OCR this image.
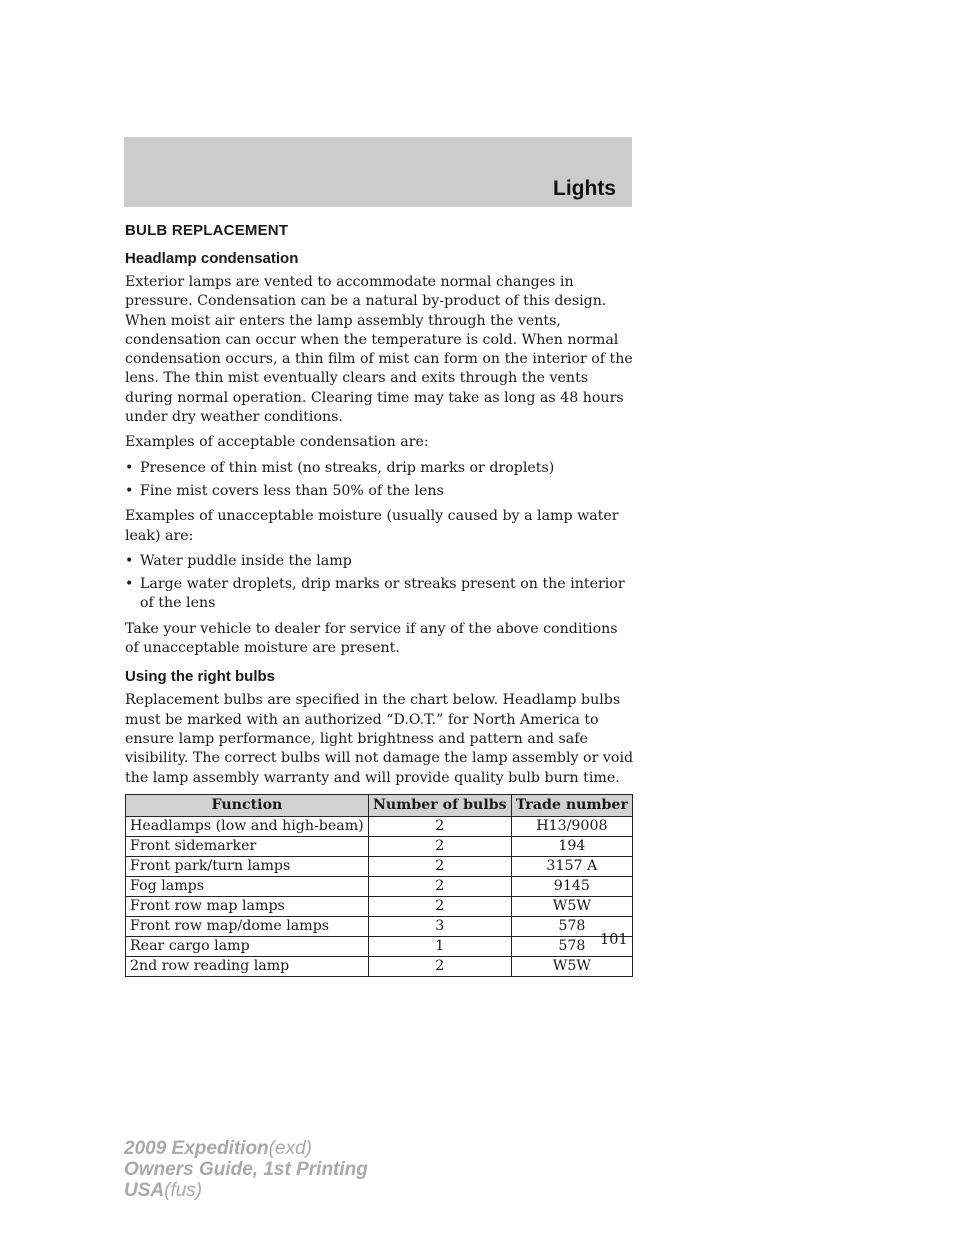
Lights
BULB REPLACEMENT
Headlamp condensation

Exterior lamps are vented to accommodate normal changes in pressure. Condensation can be a natural by-product of this design. When moist air enters the lamp assembly through the vents, condensation can occur when the temperature is cold. When normal condensation occurs, a thin film of mist can form on the interior of the lens. The thin mist eventually clears and exits through the vents during normal operation. Clearing time may take as long as 48 hours under dry weather conditions.

Examples of acceptable condensation are:

• Presence of thin mist (no streaks, drip marks or droplets)
• Fine mist covers less than 50% of the lens

Examples of unacceptable moisture (usually caused by a lamp water leak) are:

• Water puddle inside the lamp
• Large water droplets, drip marks or streaks present on the interior of the lens

Take your vehicle to dealer for service if any of the above conditions of unacceptable moisture are present.

Using the right bulbs

Replacement bulbs are specified in the chart below. Headlamp bulbs must be marked with an authorized “D.O.T.” for North America to ensure lamp performance, light brightness and pattern and safe visibility. The correct bulbs will not damage the lamp assembly or void the lamp assembly warranty and will provide quality bulb burn time.

Function	Number of bulbs	Trade number
Headlamps (low and high-beam)	2	H13/9008
Front sidemarker	2	194
Front park/turn lamps	2	3157 A
Fog lamps	2	9145
Front row map lamps	2	W5W
Front row map/dome lamps	3	578
Rear cargo lamp	1	578
2nd row reading lamp	2	W5W
101
2009 Expedition(exd)
Owners Guide, 1st Printing
USA(fus)
